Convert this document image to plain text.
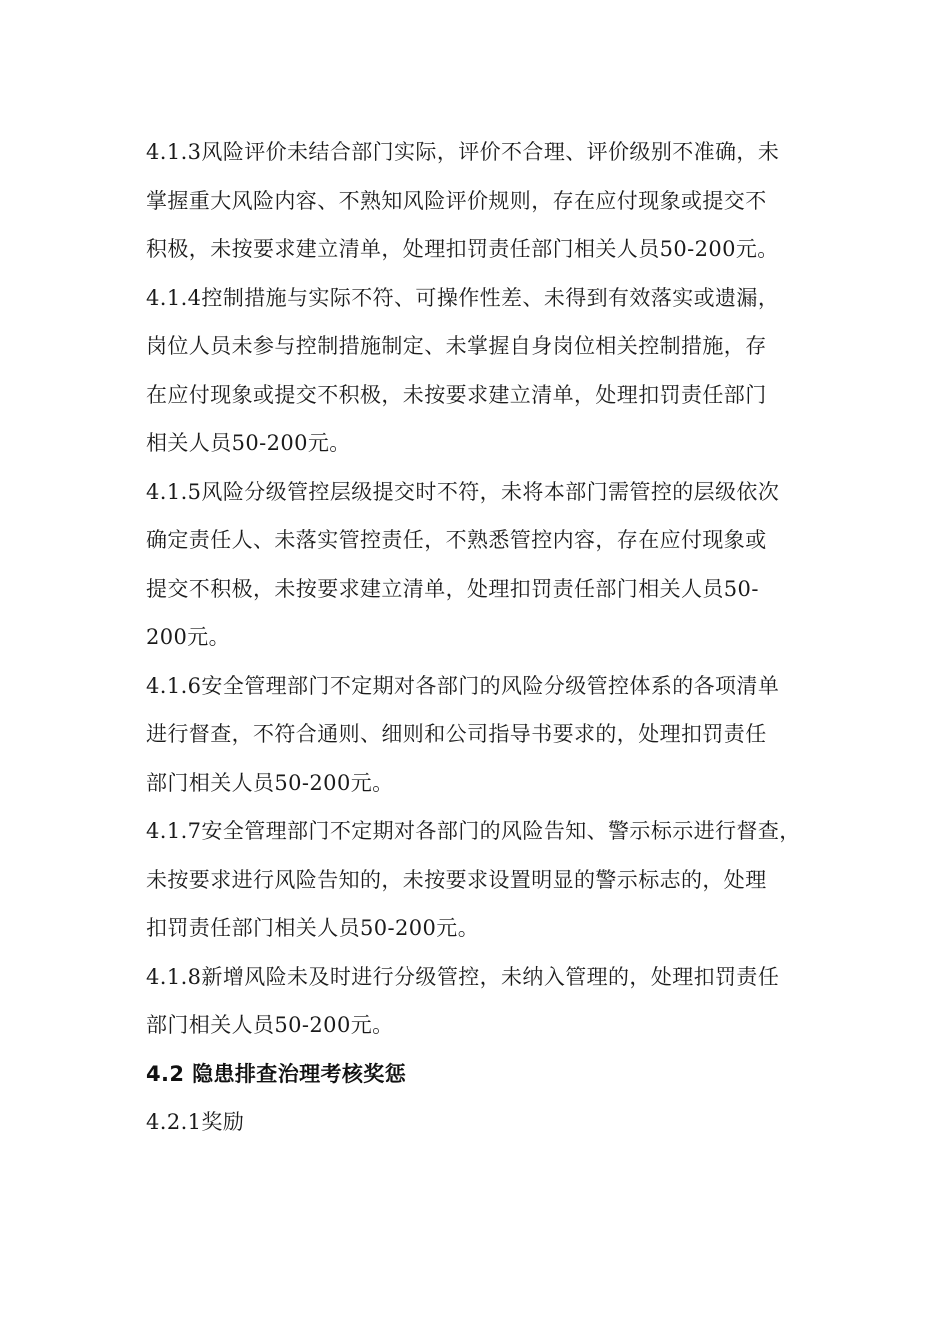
4.1.3风险评价未结合部门实际，评价不合理、评价级别不准确，未
掌握重大风险内容、不熟知风险评价规则，存在应付现象或提交不
积极，未按要求建立清单，处理扣罚责任部门相关人员50-200元。

4.1.4控制措施与实际不符、可操作性差、未得到有效落实或遗漏，
岗位人员未参与控制措施制定、未掌握自身岗位相关控制措施，存
在应付现象或提交不积极，未按要求建立清单，处理扣罚责任部门
相关人员50-200元。

4.1.5风险分级管控层级提交时不符，未将本部门需管控的层级依次
确定责任人、未落实管控责任，不熟悉管控内容，存在应付现象或
提交不积极，未按要求建立清单，处理扣罚责任部门相关人员50-
200元。

4.1.6安全管理部门不定期对各部门的风险分级管控体系的各项清单
进行督查，不符合通则、细则和公司指导书要求的，处理扣罚责任
部门相关人员50-200元。

4.1.7安全管理部门不定期对各部门的风险告知、警示标示进行督查，
未按要求进行风险告知的，未按要求设置明显的警示标志的，处理
扣罚责任部门相关人员50-200元。

4.1.8新增风险未及时进行分级管控，未纳入管理的，处理扣罚责任
部门相关人员50-200元。

4.2 隐患排查治理考核奖惩

4.2.1奖励
